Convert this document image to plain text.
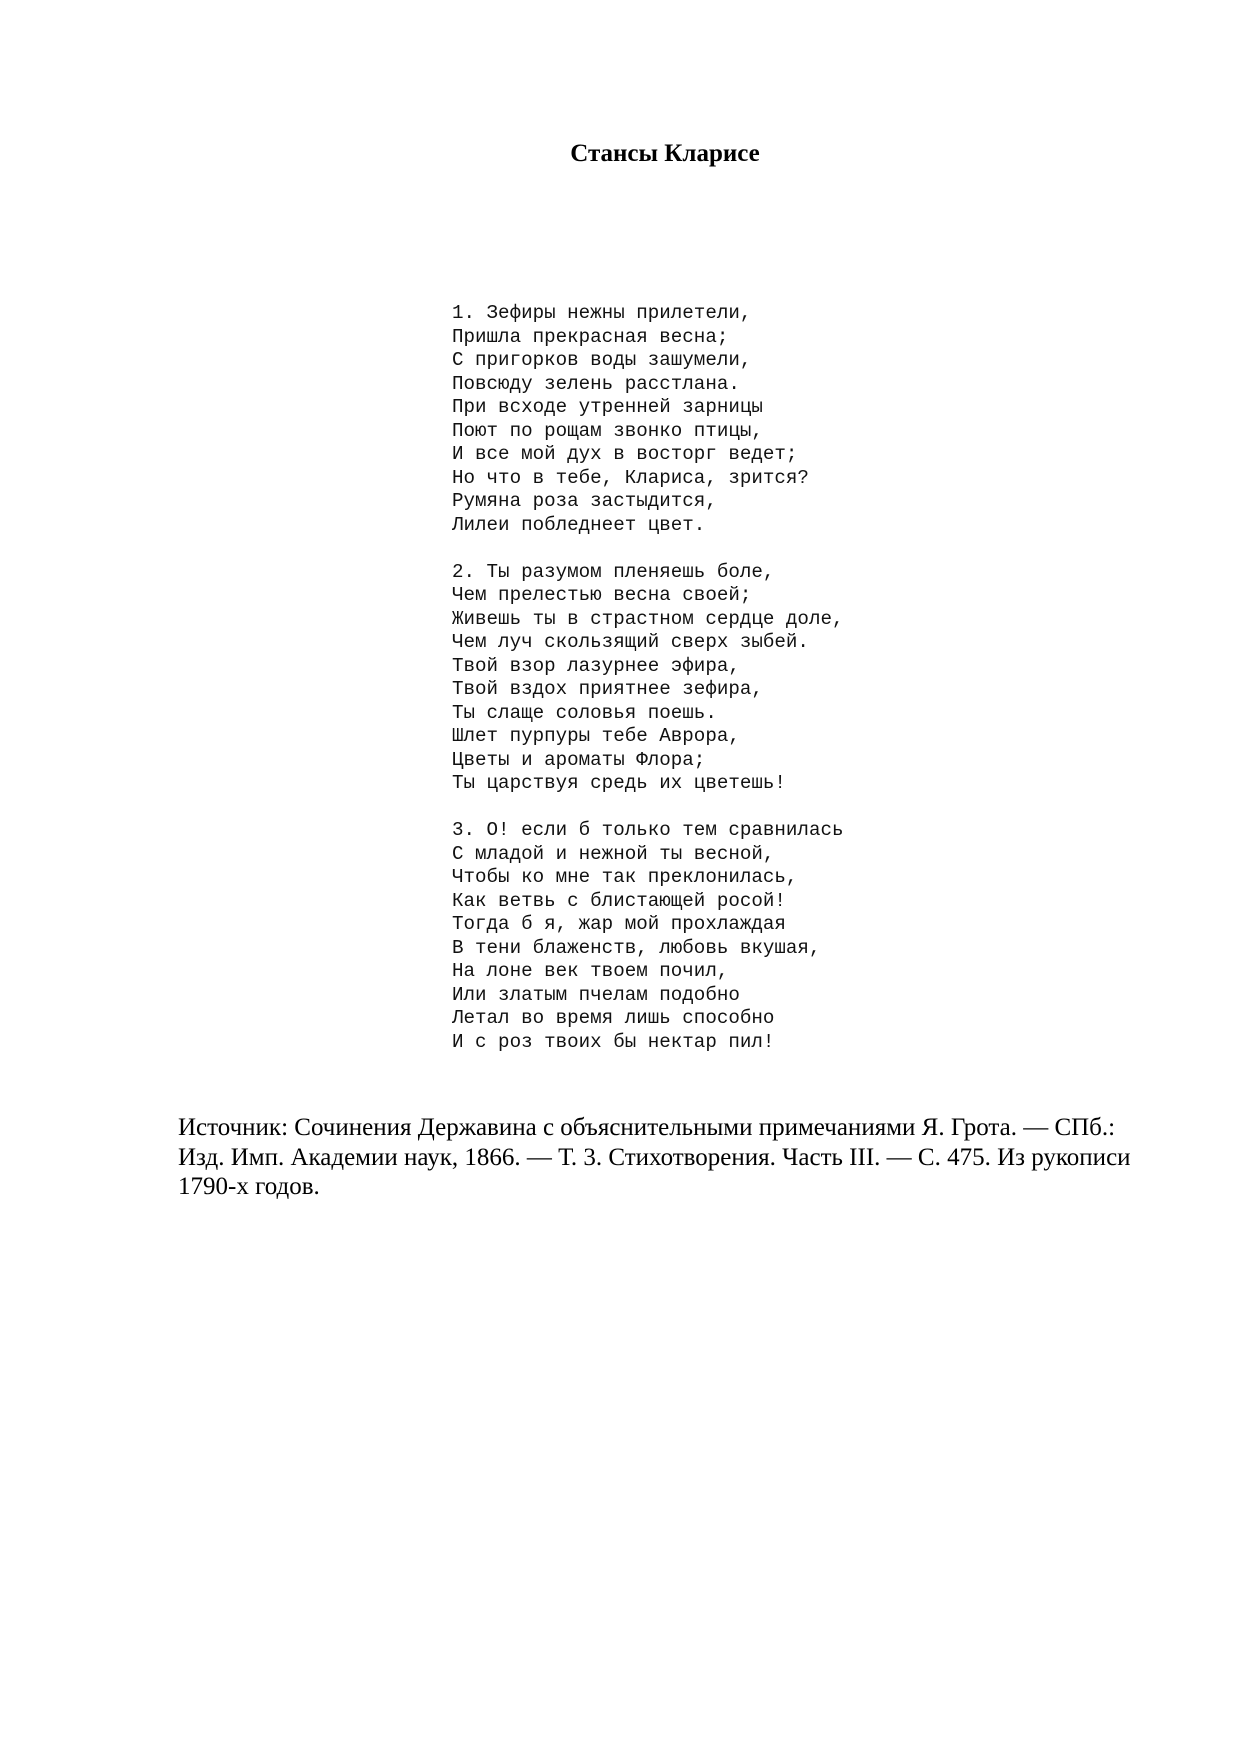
Стансы Кларисе
1. Зефиры нежны прилетели,
Пришла прекрасная весна;
С пригорков воды зашумели,
Повсюду зелень расстлана.
При всходе утренней зарницы
Поют по рощам звонко птицы,
И все мой дух в восторг ведет;
Но что в тебе, Клариса, зрится?
Румяна роза застыдится,
Лилеи побледнеет цвет.
2. Ты разумом пленяешь боле,
Чем прелестью весна своей;
Живешь ты в страстном сердце доле,
Чем луч скользящий сверх зыбей.
Твой взор лазурнее эфира,
Твой вздох приятнее зефира,
Ты слаще соловья поешь.
Шлет пурпуры тебе Аврора,
Цветы и ароматы Флора;
Ты царствуя средь их цветешь!
3. О! если б только тем сравнилась
С младой и нежной ты весной,
Чтобы ко мне так преклонилась,
Как ветвь с блистающей росой!
Тогда б я, жар мой прохлаждая
В тени блаженств, любовь вкушая,
На лоне век твоем почил,
Или златым пчелам подобно
Летал во время лишь способно
И с роз твоих бы нектар пил!

Источник: Сочинения Державина с объяснительными примечаниями Я. Грота. — СПб.: Изд. Имп. Академии наук, 1866. — Т. 3. Стихотворения. Часть III. — С. 475. Из рукописи 1790-х годов.
